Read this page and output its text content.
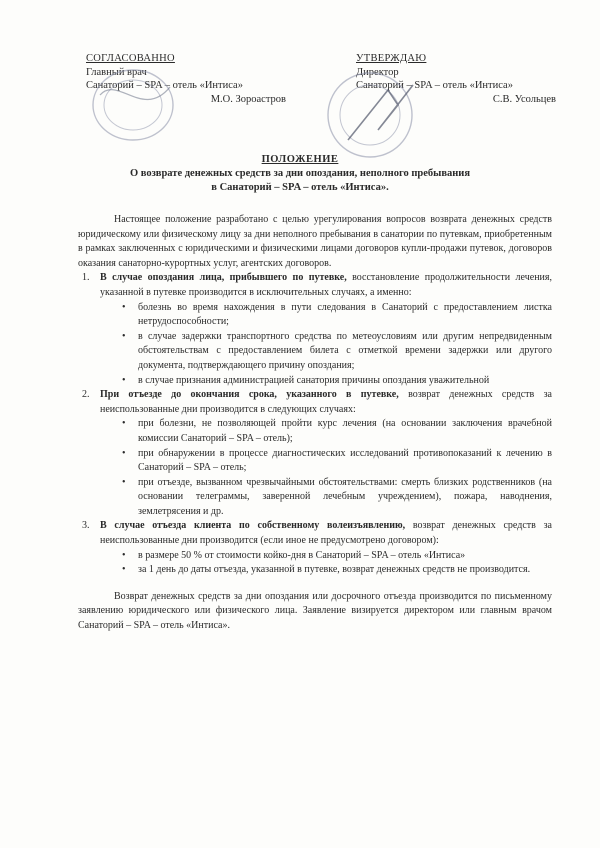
СОГЛАСОВАННО
Главный врач
Санаторий – SPA – отель «Интиса»

М.О. Зороастров
УТВЕРЖДАЮ
Директор
Санаторий – SPA – отель «Интиса»

С.В. Усольцев
ПОЛОЖЕНИЕ
О возврате денежных средств за дни опоздания, неполного пребывания
в Санаторий – SPA – отель «Интиса».

Настоящее положение разработано с целью урегулирования вопросов возврата денежных средств юридическому или физическому лицу за дни неполного пребывания в санатории по путевкам, приобретенным в рамках заключенных с юридическими и физическими лицами договоров купли-продажи путевок, договоров оказания санаторно-курортных услуг, агентских договоров.

1. В случае опоздания лица, прибывшего по путевке, восстановление продолжительности лечения, указанной в путевке производится в исключительных случаях, а именно:
• болезнь во время нахождения в пути следования в Санаторий с предоставлением листка нетрудоспособности;
• в случае задержки транспортного средства по метеоусловиям или другим непредвиденным обстоятельствам с предоставлением билета с отметкой времени задержки или другого документа, подтверждающего причину опоздания;
• в случае признания администрацией санатория причины опоздания уважительной
2. При отъезде до окончания срока, указанного в путевке, возврат денежных средств за неиспользованные дни производится в следующих случаях:
• при болезни, не позволяющей пройти курс лечения (на основании заключения врачебной комиссии Санаторий – SPA – отель);
• при обнаружении в процессе диагностических исследований противопоказаний к лечению в Санаторий – SPA – отель;
• при отъезде, вызванном чрезвычайными обстоятельствами: смерть близких родственников (на основании телеграммы, заверенной лечебным учреждением), пожара, наводнения, землетрясения и др.
3. В случае отъезда клиента по собственному волеизъявлению, возврат денежных средств за неиспользованные дни производится (если иное не предусмотрено договором):
• в размере 50 % от стоимости койко-дня в Санаторий – SPA – отель «Интиса»
• за 1 день до даты отъезда, указанной в путевке, возврат денежных средств не производится.

Возврат денежных средств за дни опоздания или досрочного отъезда производится по письменному заявлению юридического или физического лица. Заявление визируется директором или главным врачом Санаторий – SPA – отель «Интиса».
